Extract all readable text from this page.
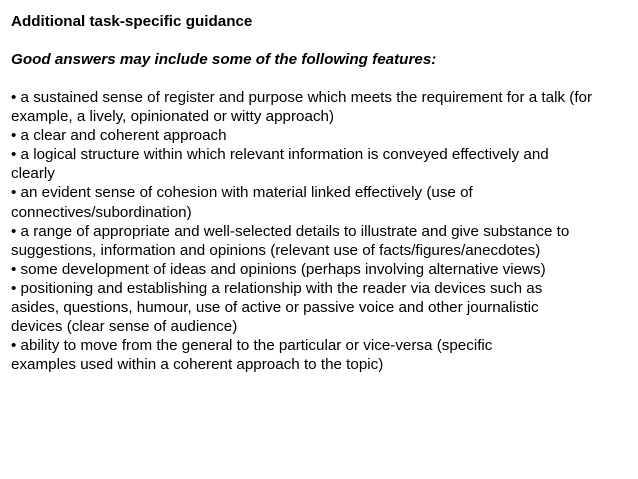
Additional task-specific guidance

Good answers may include some of the following features:

• a sustained sense of register and purpose which meets the requirement for a talk (for

example, a lively, opinionated or witty approach)

• a clear and coherent approach

• a logical structure within which relevant information is conveyed effectively and

clearly

• an evident sense of cohesion with material linked effectively (use of

connectives/subordination)

• a range of appropriate and well-selected details to illustrate and give substance to

suggestions, information and opinions (relevant use of facts/figures/anecdotes)

• some development of ideas and opinions (perhaps involving alternative views)

• positioning and establishing a relationship with the reader via devices such as

asides, questions, humour, use of active or passive voice and other journalistic

devices (clear sense of audience)

• ability to move from the general to the particular or vice-versa (specific

examples used within a coherent approach to the topic)
